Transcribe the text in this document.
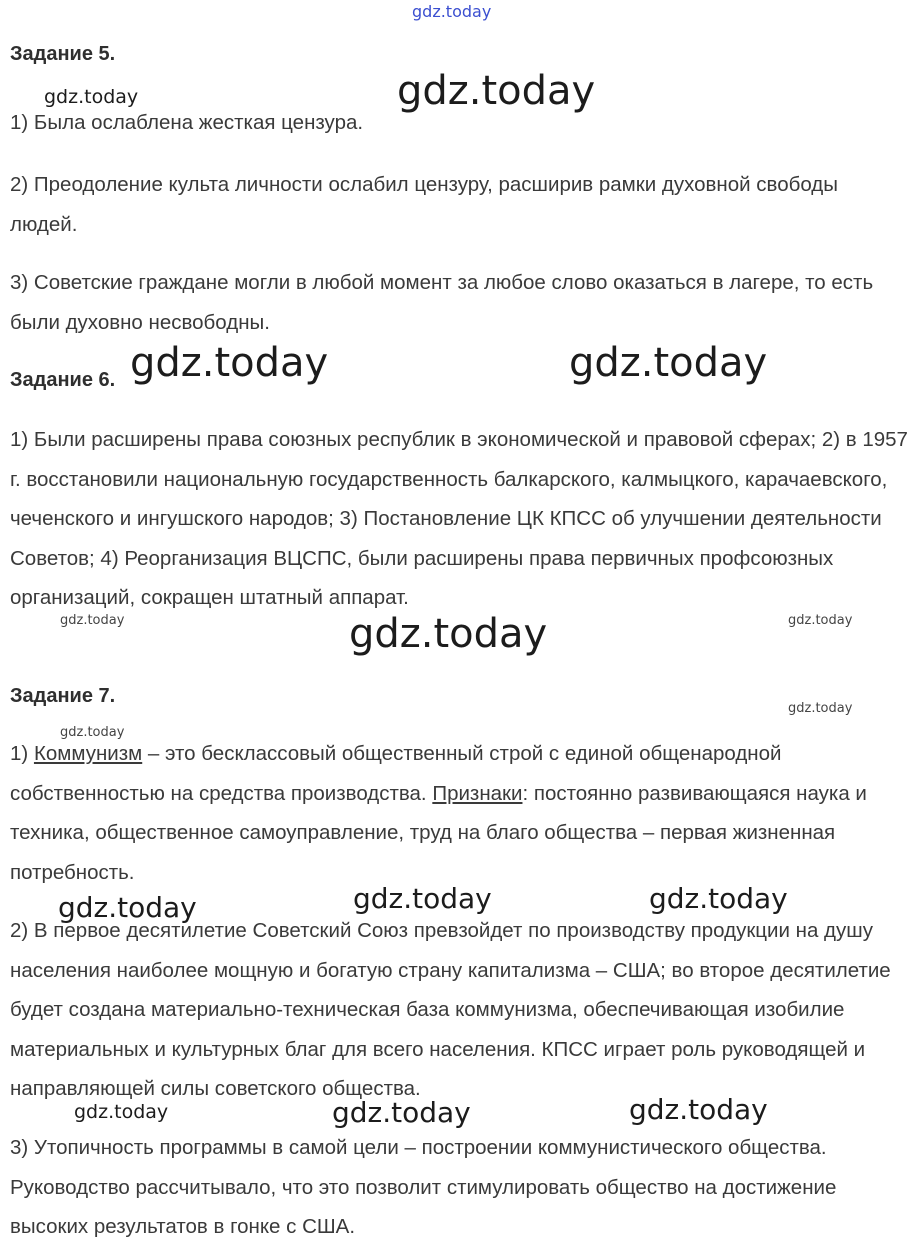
gdz.today
gdz.today	gdz.today
gdz.today	gdz.today
gdz.today	gdz.today	gdz.today
gdz.today
gdz.today
gdz.today	gdz.today	gdz.today
gdz.today	gdz.today	gdz.today
Задание 5.

1) Была ослаблена жесткая цензура.

2) Преодоление культа личности ослабил цензуру, расширив рамки духовной свободы людей.

3) Советские граждане могли в любой момент за любое слово оказаться в лагере, то есть были духовно несвободны.

Задание 6.

1) Были расширены права союзных республик в экономической и правовой сферах; 2) в 1957 г. восстановили национальную государственность балкарского, калмыцкого, карачаевского, чеченского и ингушского народов; 3) Постановление ЦК КПСС об улучшении деятельности Советов; 4) Реорганизация ВЦСПС, были расширены права первичных профсоюзных организаций, сокращен штатный аппарат.

Задание 7.

1) Коммунизм – это бесклассовый общественный строй с единой общенародной собственностью на средства производства. Признаки: постоянно развивающаяся наука и техника, общественное самоуправление, труд на благо общества – первая жизненная потребность.

2) В первое десятилетие Советский Союз превзойдет по производству продукции на душу населения наиболее мощную и богатую страну капитализма – США; во второе десятилетие будет создана материально-техническая база коммунизма, обеспечивающая изобилие материальных и культурных благ для всего населения. КПСС играет роль руководящей и направляющей силы советского общества.

3) Утопичность программы в самой цели – построении коммунистического общества. Руководство рассчитывало, что это позволит стимулировать общество на достижение высоких результатов в гонке с США.
